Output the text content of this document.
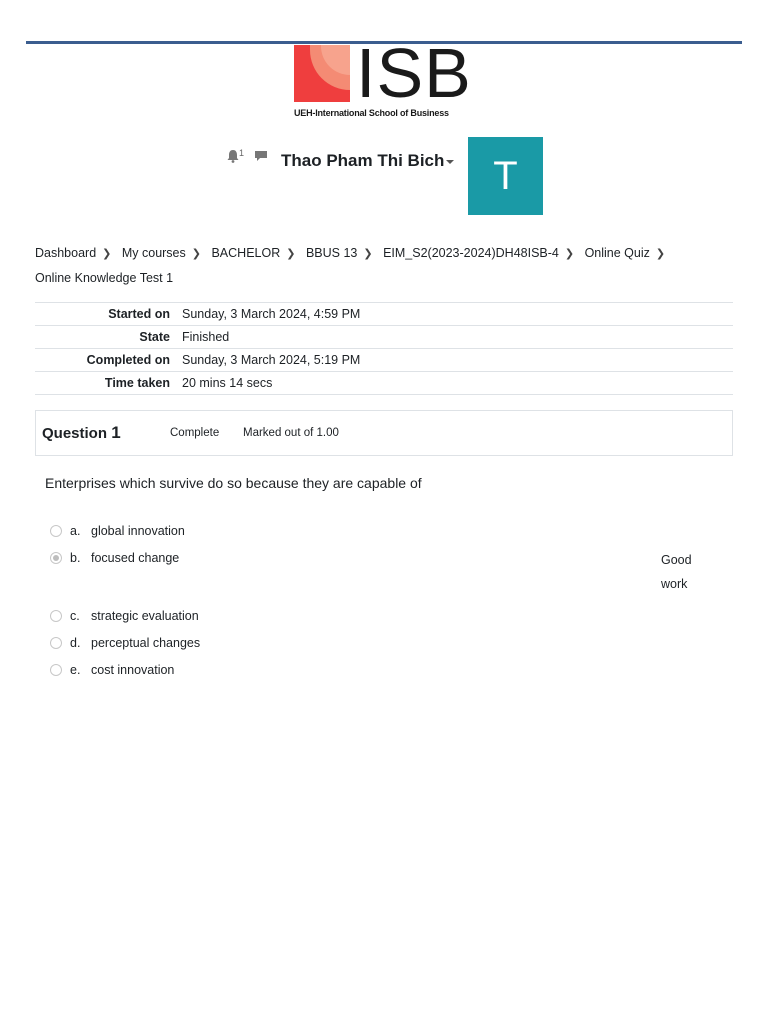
ISB
UEH-International School of Business
1 Thao Pham Thi Bich	T
Dashboard ❯ My courses ❯ BACHELOR ❯ BBUS 13 ❯ EIM_S2(2023-2024)DH48ISB-4 ❯ Online Quiz ❯ Online Knowledge Test 1
Started on	Sunday, 3 March 2024, 4:59 PM
State	Finished
Completed on	Sunday, 3 March 2024, 5:19 PM
Time taken	20 mins 14 secs
Question 1	Complete Marked out of 1.00
Enterprises which survive do so because they are capable of
a. global innovation
b. focused change
c. strategic evaluation
d. perceptual changes
e. cost innovation
Good work
